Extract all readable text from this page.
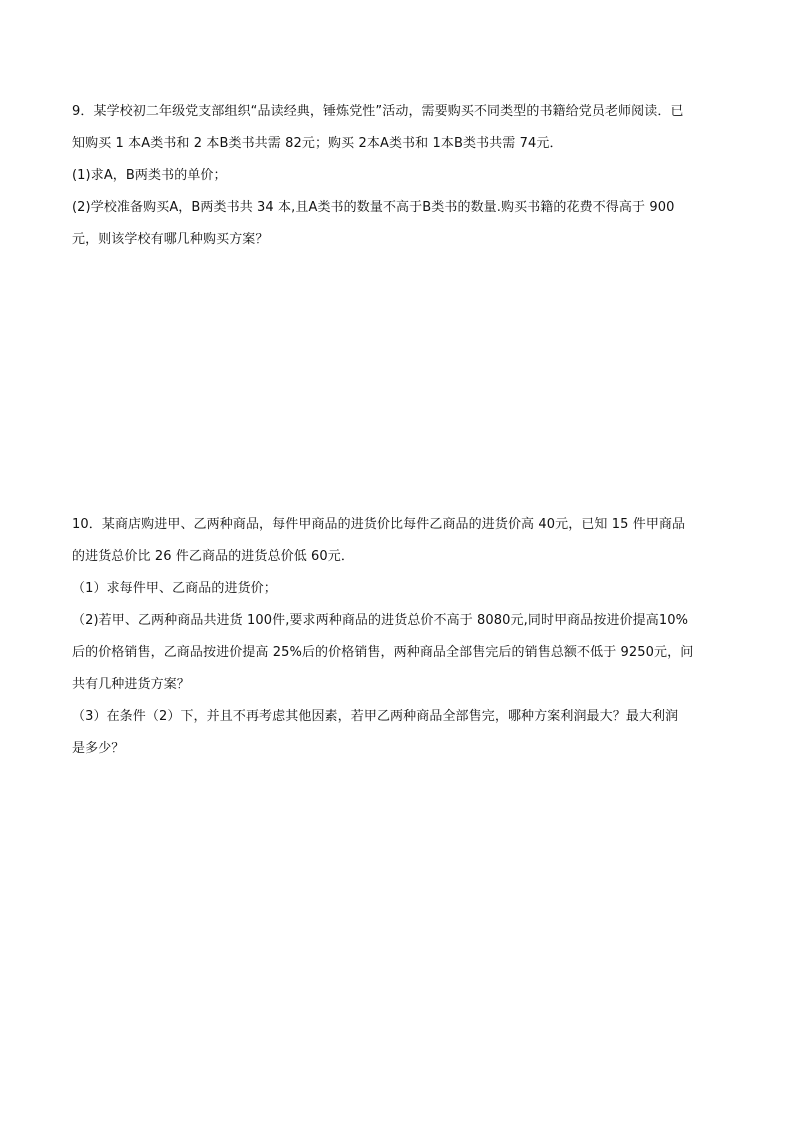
9．某学校初二年级党支部组织“品读经典，锤炼党性”活动，需要购买不同类型的书籍给党员老师阅读．已
知购买 1 本A类书和 2 本B类书共需 82元；购买 2本A类书和 1本B类书共需 74元．
(1)求A，B两类书的单价；
(2)学校准备购买A，B两类书共 34 本,且A类书的数量不高于B类书的数量.购买书籍的花费不得高于 900
元，则该学校有哪几种购买方案？
10．某商店购进甲、乙两种商品，每件甲商品的进货价比每件乙商品的进货价高 40元，已知 15 件甲商品
的进货总价比 26 件乙商品的进货总价低 60元．
（1）求每件甲、乙商品的进货价；
（2)若甲、乙两种商品共进货 100件,要求两种商品的进货总价不高于 8080元,同时甲商品按进价提高10%
后的价格销售，乙商品按进价提高 25%后的价格销售，两种商品全部售完后的销售总额不低于 9250元，问
共有几种进货方案？
（3）在条件（2）下，并且不再考虑其他因素，若甲乙两种商品全部售完，哪种方案利润最大？最大利润
是多少？
